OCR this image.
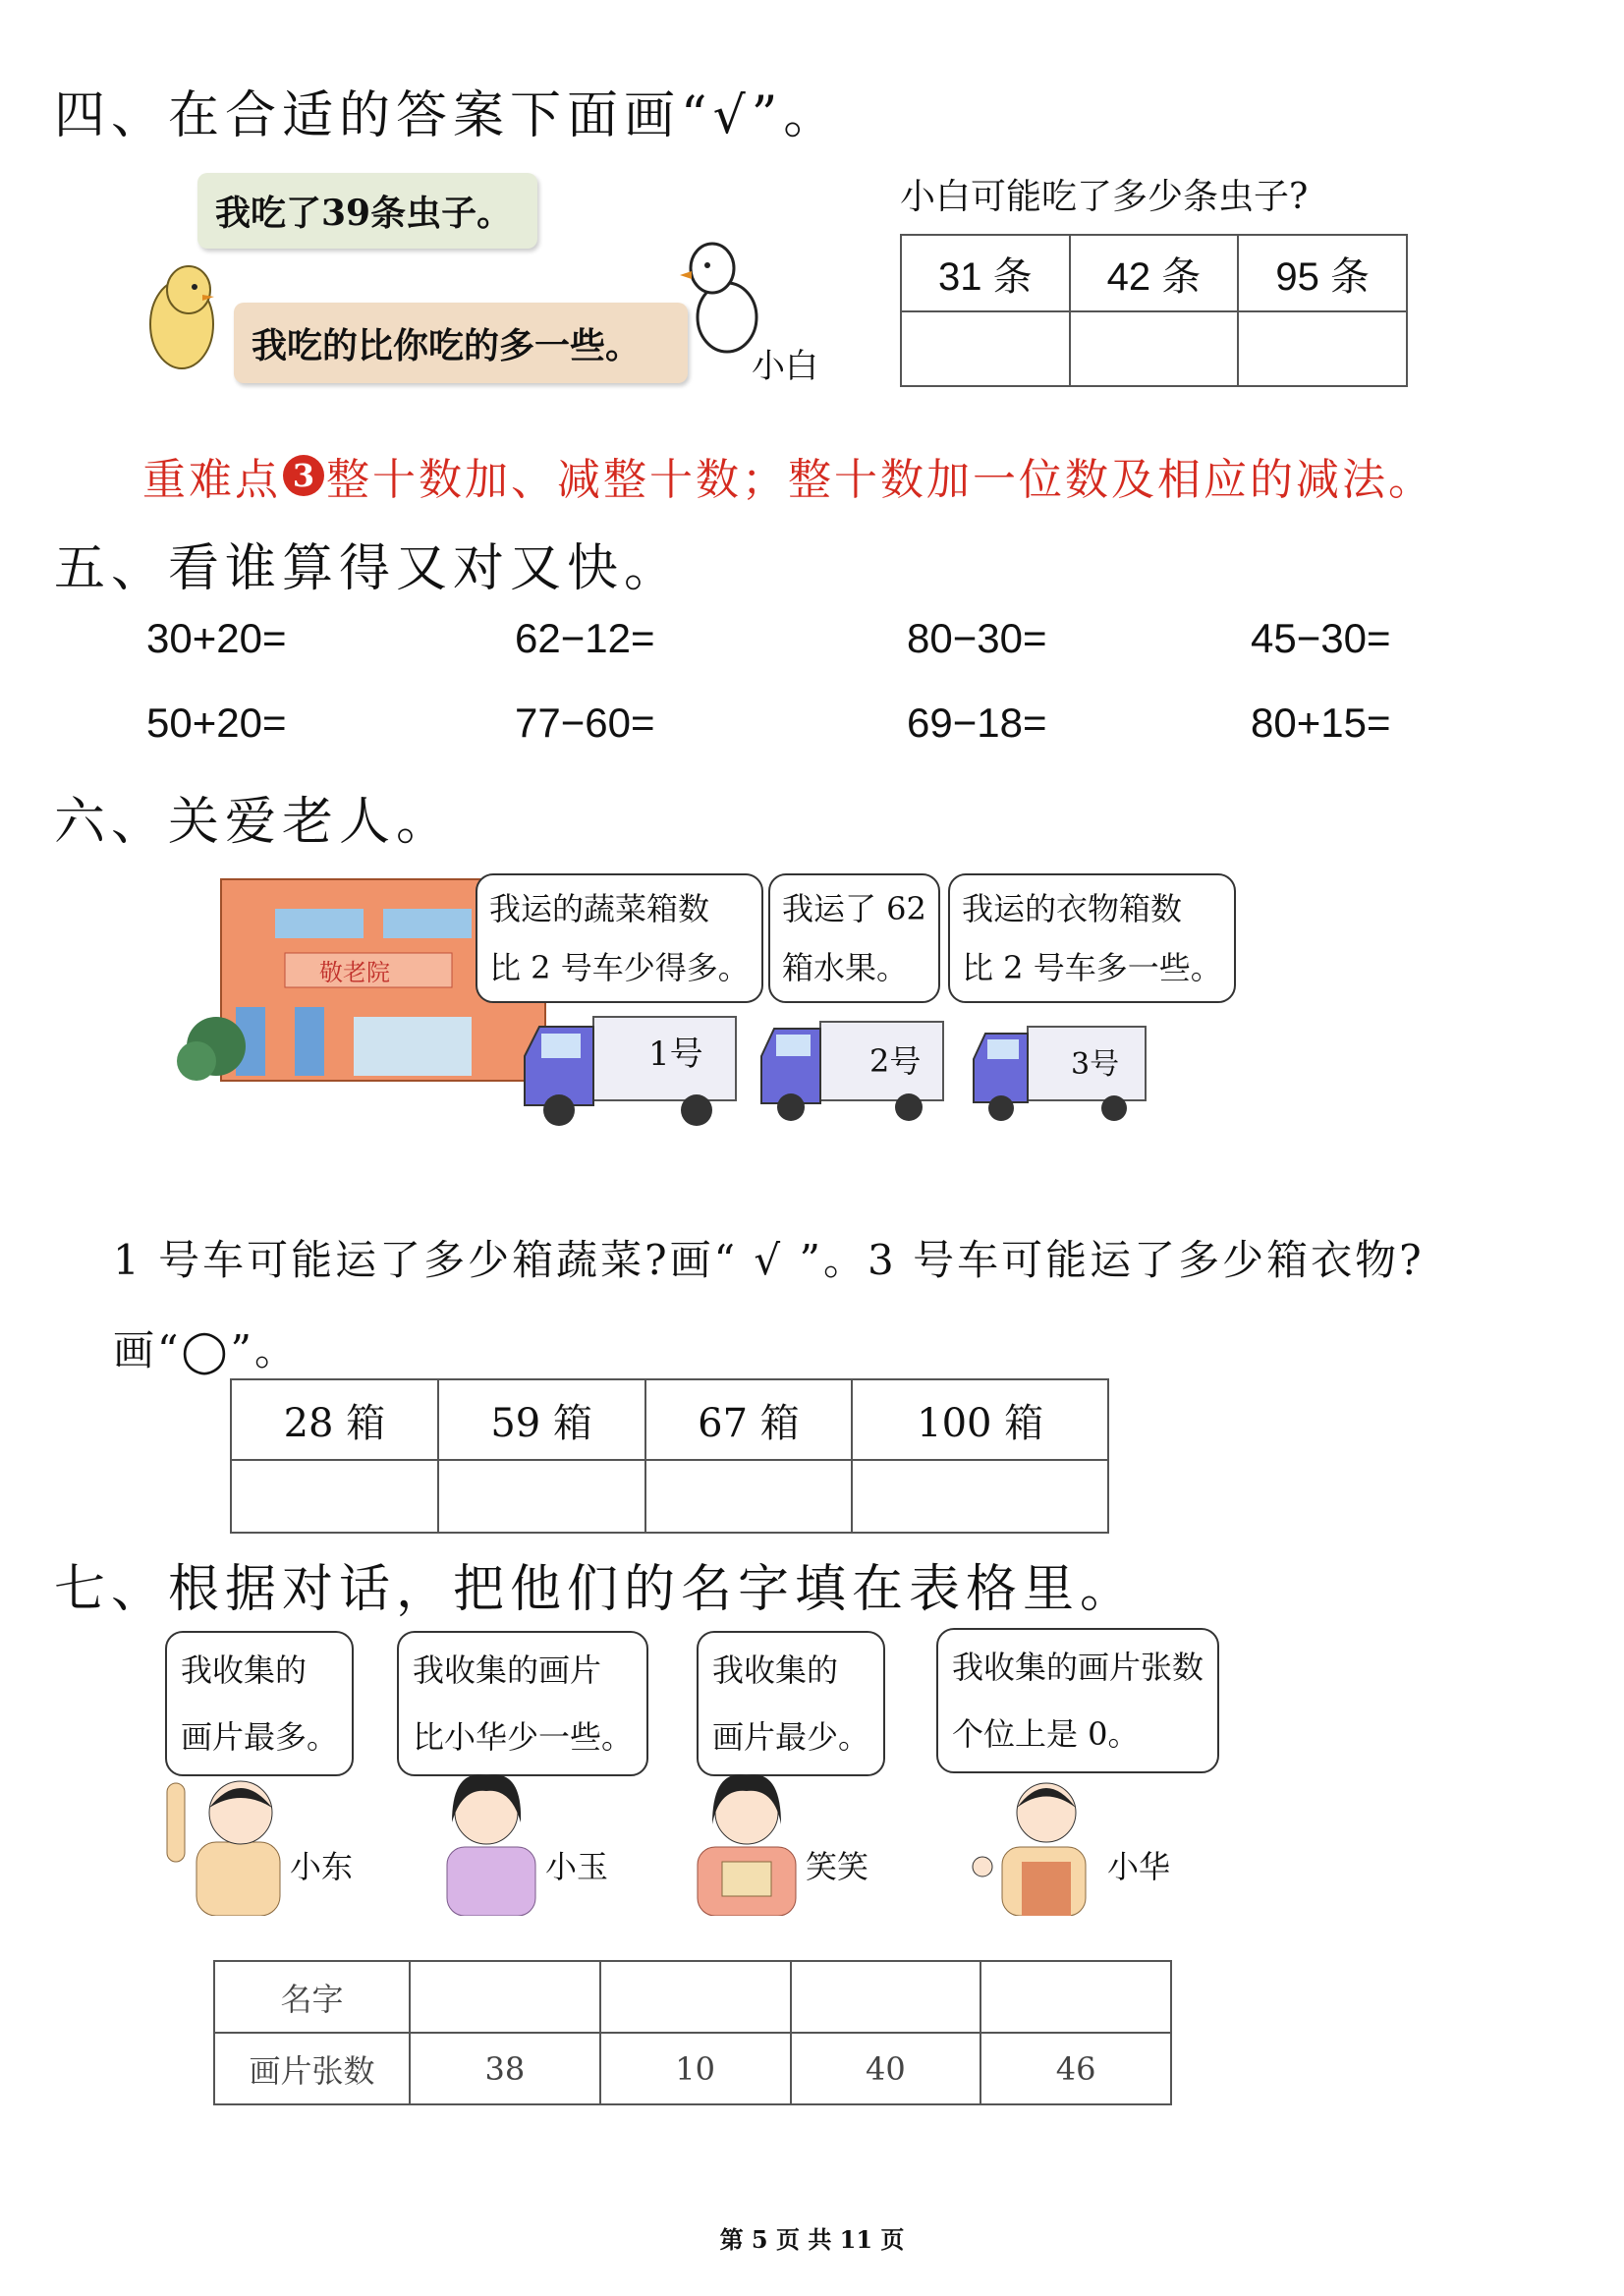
四、在合适的答案下面画“√”。
我吃了39条虫子。
我吃的比你吃的多一些。
小白
小白可能吃了多少条虫子?
31 条	42 条	95 条

重难点 3 整十数加、减整十数；整十数加一位数及相应的减法。
五、看谁算得又对又快。
30+20=	62−12=	80−30=	45−30=
50+20=	77−60=	69−18=	80+15=
六、关爱老人。
敬老院
我运的蔬菜箱数
比 2 号车少得多。
我运了 62
箱水果。
我运的衣物箱数
比 2 号车多一些。
1号	2号	3号
1 号车可能运了多少箱蔬菜?画“ √ ”。3 号车可能运了多少箱衣物?
画“◯”。
28 箱	59 箱	67 箱	100 箱

七、根据对话，把他们的名字填在表格里。
我收集的
画片最多。
我收集的画片
比小华少一些。
我收集的
画片最少。
我收集的画片张数
个位上是 0。
小东	小玉	笑笑	小华
名字				
画片张数	38	10	40	46
第 5 页 共 11 页
